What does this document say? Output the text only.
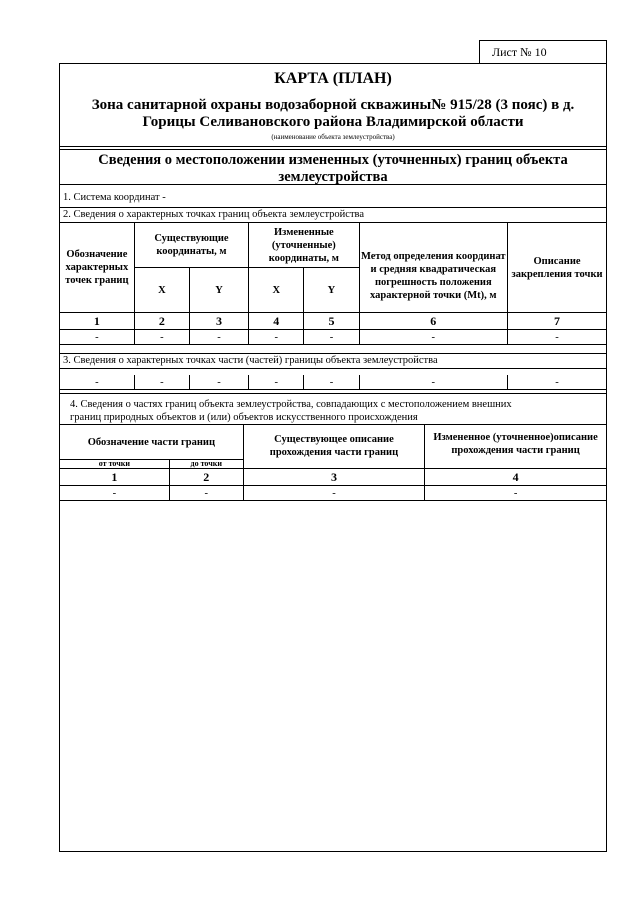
Лист № 10
КАРТА (ПЛАН)
Зона санитарной охраны водозаборной скважины№ 915/28 (3 пояс) в д.
Горицы Селивановского района Владимирской области
(наименование объекта землеустройства)
Сведения о местоположении измененных (уточненных) границ объекта
землеустройства
1. Система координат -
2. Сведения о характерных точках границ объекта землеустройства
Обозначение характерных точек границ	Существующие координаты, м		Измененные (уточненные) координаты, м		Метод определения координат и средняя квадратическая погрешность положения характерной точки (Mt), м	Описание закрепления точки
	X	Y	X	Y		
1	2	3	4	5	6	7
-	-	-	-	-	-	-
3. Сведения о характерных точках части (частей) границы объекта землеустройства
-	-	-	-	-	-	-
4. Сведения о частях границ объекта землеустройства, совпадающих с местоположением внешних
границ природных объектов и (или) объектов искусственного происхождения
Обозначение части границ		Существующее описание прохождения части границ	Измененное (уточненное)описание прохождения части границ
от точки	до точки		
1	2	3	4
-	-	-	-
